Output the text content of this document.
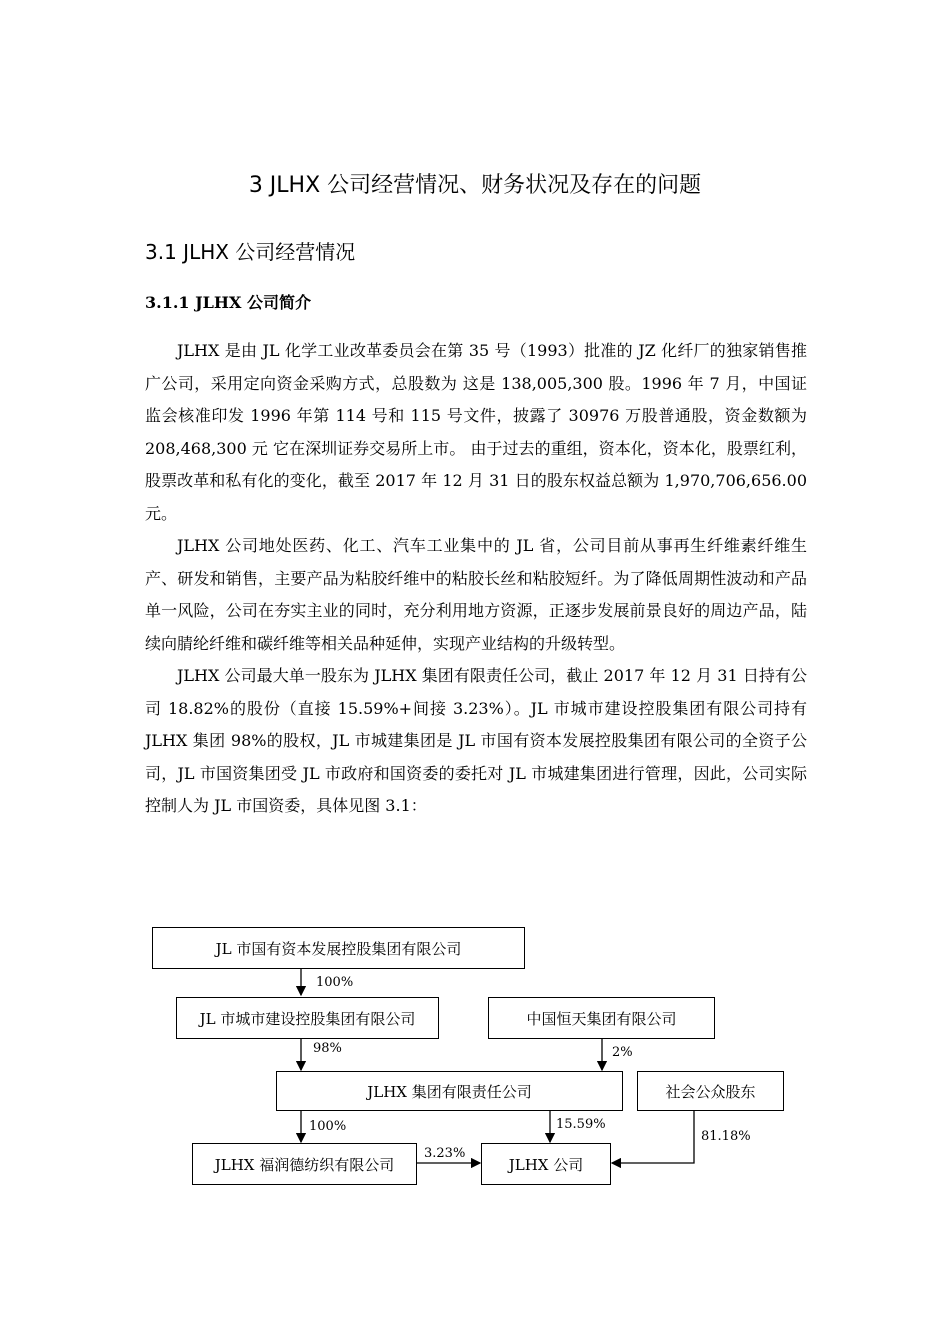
3 JLHX 公司经营情况、财务状况及存在的问题
3.1 JLHX 公司经营情况
3.1.1 JLHX 公司简介

JLHX 是由 JL 化学工业改革委员会在第 35 号（1993）批准的 JZ 化纤厂的独家销售推广公司，采用定向资金采购方式，总股数为 这是 138,005,300 股。1996 年 7 月，中国证监会核准印发 1996 年第 114 号和 115 号文件，披露了 30976 万股普通股，资金数额为 208,468,300 元 它在深圳证券交易所上市。 由于过去的重组，资本化，资本化，股票红利，股票改革和私有化的变化，截至 2017 年 12 月 31 日的股东权益总额为 1,970,706,656.00 元。

JLHX 公司地处医药、化工、汽车工业集中的 JL 省，公司目前从事再生纤维素纤维生产、研发和销售，主要产品为粘胶纤维中的粘胶长丝和粘胶短纤。为了降低周期性波动和产品单一风险，公司在夯实主业的同时，充分利用地方资源，正逐步发展前景良好的周边产品，陆续向腈纶纤维和碳纤维等相关品种延伸，实现产业结构的升级转型。

JLHX 公司最大单一股东为 JLHX 集团有限责任公司，截止 2017 年 12 月 31 日持有公司 18.82%的股份（直接 15.59%+间接 3.23%）。JL 市城市建设控股集团有限公司持有 JLHX 集团 98%的股权，JL 市城建集团是 JL 市国有资本发展控股集团有限公司的全资子公司，JL 市国资集团受 JL 市政府和国资委的委托对 JL 市城建集团进行管理，因此，公司实际控制人为 JL 市国资委，具体见图 3.1：

JL 市国有资本发展控股集团有限公司
JL 市城市建设控股集团有限公司	中国恒天集团有限公司
JLHX 集团有限责任公司	社会公众股东
JLHX 福润德纺织有限公司	JLHX 公司
100%
98%	2%
100%	15.59%
81.18%
3.23%
